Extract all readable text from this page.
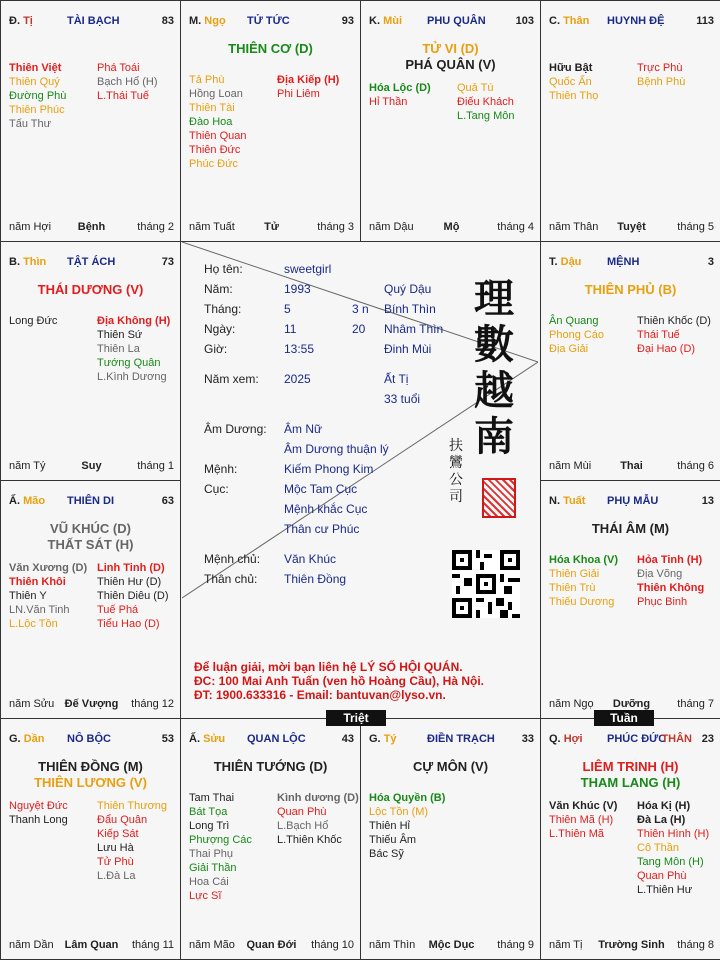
Đ. Tị	TÀI BẠCH	83
Thiên Việt
Thiên Quý
Đường Phù
Thiên Phúc
Tấu Thư
Phá Toái
Bạch Hổ (H)
L.Thái Tuế
năm Hợi Bệnh	tháng 2
M. Ngọ TỬ TỨC	93
THIÊN CƠ (D)
Tả Phù
Hồng Loan
Thiên Tài
Đào Hoa
Thiên Quan
Thiên Đức
Phúc Đức
Địa Kiếp (H)
Phi Liêm
năm Tuất	Tử	tháng 3
K. Mùi PHU QUÂN	103
TỬ VI (D)
PHÁ QUÂN (V)
Hóa Lộc (D)
Hỉ Thần
Quả Tú
Điếu Khách
L.Tang Môn
năm Dậu	Mộ	tháng 4
C. Thân HUYNH ĐỆ	113
Hữu Bật
Quốc Ấn
Thiên Thọ
Trực Phù
Bệnh Phù
năm Thân Tuyệt	tháng 5
B. Thìn TẬT ÁCH	73
THÁI DƯƠNG (V)
Long Đức	Địa Không (H)
Thiên Sứ
Thiên La
Tướng Quân
L.Kình Dương
năm Tý	Suy	tháng 1
T. Dậu MỆNH	3
THIÊN PHỦ (B)
Ân Quang
Phong Cáo
Địa Giải
Thiên Khốc (D)
Thái Tuế
Đại Hao (D)
năm Mùi	Thai	tháng 6
Ấ. Mão THIÊN DI	63
VŨ KHÚC (D)
THẤT SÁT (H)
Văn Xương (D)
Thiên Khôi
Thiên Y
LN.Văn Tinh
L.Lộc Tồn
Linh Tinh (D)
Thiên Hư (D)
Thiên Diêu (D)
Tuế Phá
Tiểu Hao (D)
năm Sửu Đế Vượng tháng 12
N. Tuất PHỤ MẪU	13
THÁI ÂM (M)
Hóa Khoa (V)
Thiên Giải
Thiên Trù
Thiếu Dương
Hỏa Tinh (H)
Địa Võng
Thiên Không
Phục Binh
năm Ngọ Dưỡng tháng 7
G. Dần NÔ BỘC	53
THIÊN ĐỒNG (M)
THIÊN LƯƠNG (V)
Nguyệt Đức
Thanh Long
Thiên Thương
Đẩu Quân
Kiếp Sát
Lưu Hà
Tử Phù
L.Đà La
năm Dần Lâm Quan tháng 11
Ấ. Sửu QUAN LỘC	43
THIÊN TƯỚNG (D)
Tam Thai
Bát Tọa
Long Trì
Phượng Các
Thai Phụ
Giải Thần
Hoa Cái
Lực Sĩ
Kình dương (D)
Quan Phù
L.Bạch Hổ
L.Thiên Khốc
năm Mão Quan Đới tháng 10
G. Tý	ĐIỀN TRẠCH 33
CỰ MÔN (V)
Hóa Quyền (B)
Lộc Tồn (M)
Thiên Hỉ
Thiếu Âm
Bác Sỹ
năm Thìn Mộc Dục tháng 9
Q. Hợi PHÚC ĐỨC
THÂN 23
LIÊM TRINH (H)
THAM LANG (H)
Văn Khúc (V)
Thiên Mã (H)
L.Thiên Mã
Hóa Kị (H)
Đà La (H)
Thiên Hình (H)
Cô Thần
Tang Môn (H)
Quan Phù
L.Thiên Hư
năm Tị Trường Sinh tháng 8
Họ tên:	sweetgirl
Năm:	1993	Quý Dậu
Tháng:	5	3 n Bính Thìn
Ngày:	11	20 Nhâm Thìn
Giờ:	13:55	Đinh Mùi
Năm xem: 2025	Ất Tị
33 tuổi
Âm Dương: Âm Nữ
Âm Dương thuận lý
Mệnh:	Kiếm Phong Kim
Cục:	Mộc Tam Cục
Mệnh khắc Cục
Thân cư Phúc
Mệnh chủ: Văn Khúc
Thân chủ: Thiên Đồng
理
數
越
南
扶
鸞
公
司
Để luận giải, mời bạn liên hệ LÝ SỐ HỘI QUÁN.
ĐC: 100 Mai Anh Tuấn (ven hồ Hoàng Cầu), Hà Nội.
ĐT: 1900.633316 - Email: bantuvan@lyso.vn.
Triệt	Tuần
